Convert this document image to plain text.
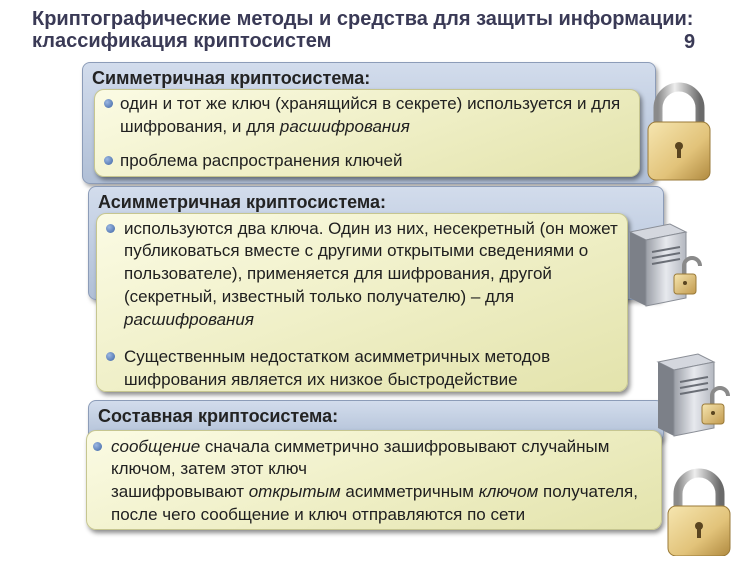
Криптографические методы и средства для защиты информации:
классификация криптосистем	9
Симметричная криптосистема:
один и тот же ключ (хранящийся в секрете) используется и для
шифрования, и для расшифрования
проблема распространения ключей
Асимметричная криптосистема:
используются два ключа. Один из них, несекретный (он может
публиковаться вместе с другими открытыми сведениями о
пользователе), применяется для шифрования, другой
(секретный, известный только получателю) – для
расшифрования
Существенным недостатком асимметричных методов
шифрования является их низкое быстродействие
Составная криптосистема:
сообщение сначала симметрично зашифровывают случайным
ключом, затем этот ключ
зашифровывают открытым асимметричным ключом получателя,
после чего сообщение и ключ отправляются по сети
